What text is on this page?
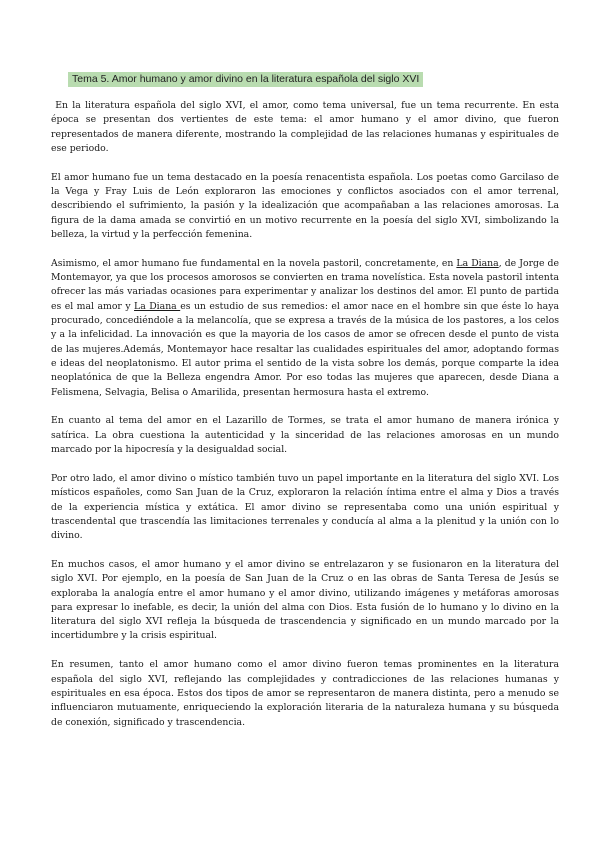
Tema 5. Amor humano y amor divino en la literatura española del siglo XVI

En la literatura española del siglo XVI, el amor, como tema universal, fue un tema recurrente. En esta época se presentan dos vertientes de este tema: el amor humano y el amor divino, que fueron representados de manera diferente, mostrando la complejidad de las relaciones humanas y espirituales de ese periodo.

El amor humano fue un tema destacado en la poesía renacentista española. Los poetas como Garcilaso de la Vega y Fray Luis de León exploraron las emociones y conflictos asociados con el amor terrenal, describiendo el sufrimiento, la pasión y la idealización que acompañaban a las relaciones amorosas. La figura de la dama amada se convirtió en un motivo recurrente en la poesía del siglo XVI, simbolizando la belleza, la virtud y la perfección femenina.

Asimismo, el amor humano fue fundamental en la novela pastoril, concretamente, en La Diana, de Jorge de Montemayor, ya que los procesos amorosos se convierten en trama novelística. Esta novela pastoril intenta ofrecer las más variadas ocasiones para experimentar y analizar los destinos del amor. El punto de partida es el mal amor y La Diana es un estudio de sus remedios: el amor nace en el hombre sin que éste lo haya procurado, concediéndole a la melancolía, que se expresa a través de la música de los pastores, a los celos y a la infelicidad. La innovación es que la mayoria de los casos de amor se ofrecen desde el punto de vista de las mujeres.Además, Montemayor hace resaltar las cualidades espirituales del amor, adoptando formas e ideas del neoplatonismo. El autor prima el sentido de la vista sobre los demás, porque comparte la idea neoplatónica de que la Belleza engendra Amor. Por eso todas las mujeres que aparecen, desde Diana a Felismena, Selvagia, Belisa o Amarilida, presentan hermosura hasta el extremo.

En cuanto al tema del amor en el Lazarillo de Tormes, se trata el amor humano de manera irónica y satírica. La obra cuestiona la autenticidad y la sinceridad de las relaciones amorosas en un mundo marcado por la hipocresía y la desigualdad social.

Por otro lado, el amor divino o místico también tuvo un papel importante en la literatura del siglo XVI. Los místicos españoles, como San Juan de la Cruz, exploraron la relación íntima entre el alma y Dios a través de la experiencia mística y extática. El amor divino se representaba como una unión espiritual y trascendental que trascendía las limitaciones terrenales y conducía al alma a la plenitud y la unión con lo divino.

En muchos casos, el amor humano y el amor divino se entrelazaron y se fusionaron en la literatura del siglo XVI. Por ejemplo, en la poesía de San Juan de la Cruz o en las obras de Santa Teresa de Jesús se exploraba la analogía entre el amor humano y el amor divino, utilizando imágenes y metáforas amorosas para expresar lo inefable, es decir, la unión del alma con Dios. Esta fusión de lo humano y lo divino en la literatura del siglo XVI refleja la búsqueda de trascendencia y significado en un mundo marcado por la incertidumbre y la crisis espiritual.

En resumen, tanto el amor humano como el amor divino fueron temas prominentes en la literatura española del siglo XVI, reflejando las complejidades y contradicciones de las relaciones humanas y espirituales en esa época. Estos dos tipos de amor se representaron de manera distinta, pero a menudo se influenciaron mutuamente, enriqueciendo la exploración literaria de la naturaleza humana y su búsqueda de conexión, significado y trascendencia.
